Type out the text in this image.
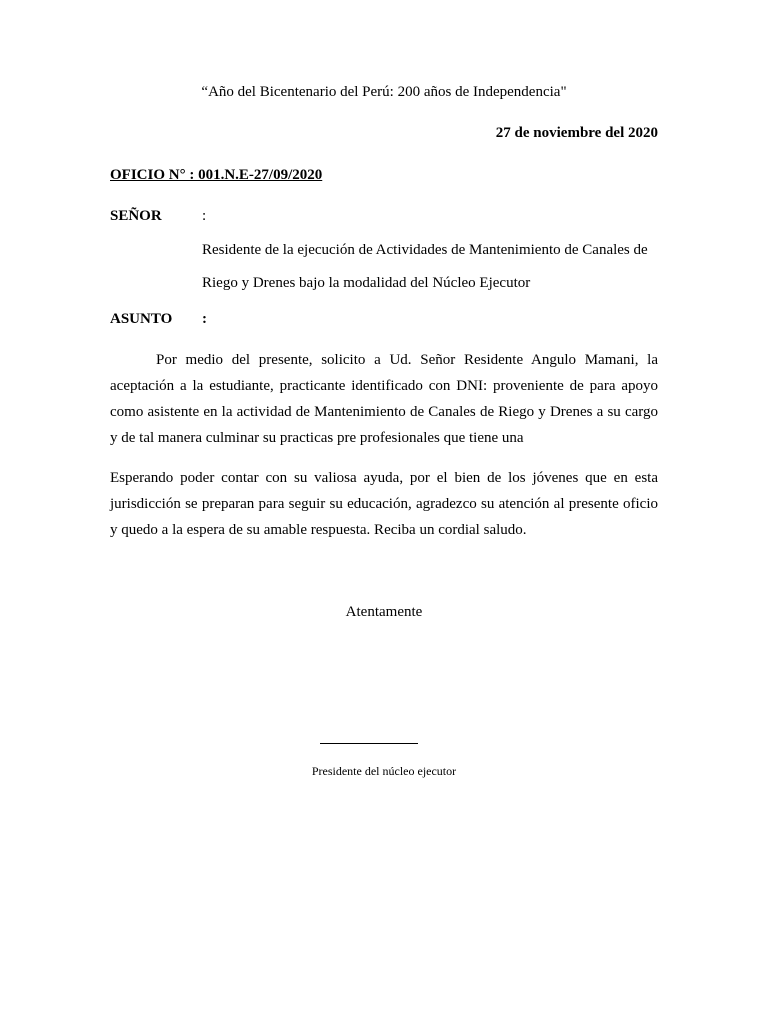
“Año del Bicentenario del Perú: 200 años de Independencia"
27 de noviembre del 2020
OFICIO N° : 001.N.E-27/09/2020
SEÑOR	:
Residente de la ejecución de Actividades de Mantenimiento de Canales de
Riego y Drenes bajo la modalidad del Núcleo Ejecutor
ASUNTO :
Por medio del presente, solicito a Ud. Señor Residente Angulo Mamani, la aceptación a la estudiante, practicante identificado con DNI: proveniente de para apoyo como asistente en la actividad de Mantenimiento de Canales de Riego y Drenes a su cargo y de tal manera culminar su practicas pre profesionales que tiene una
Esperando poder contar con su valiosa ayuda, por el bien de los jóvenes que en esta jurisdicción se preparan para seguir su educación, agradezco su atención al presente oficio y quedo a la espera de su amable respuesta. Reciba un cordial saludo.
Atentamente
Presidente del núcleo ejecutor
